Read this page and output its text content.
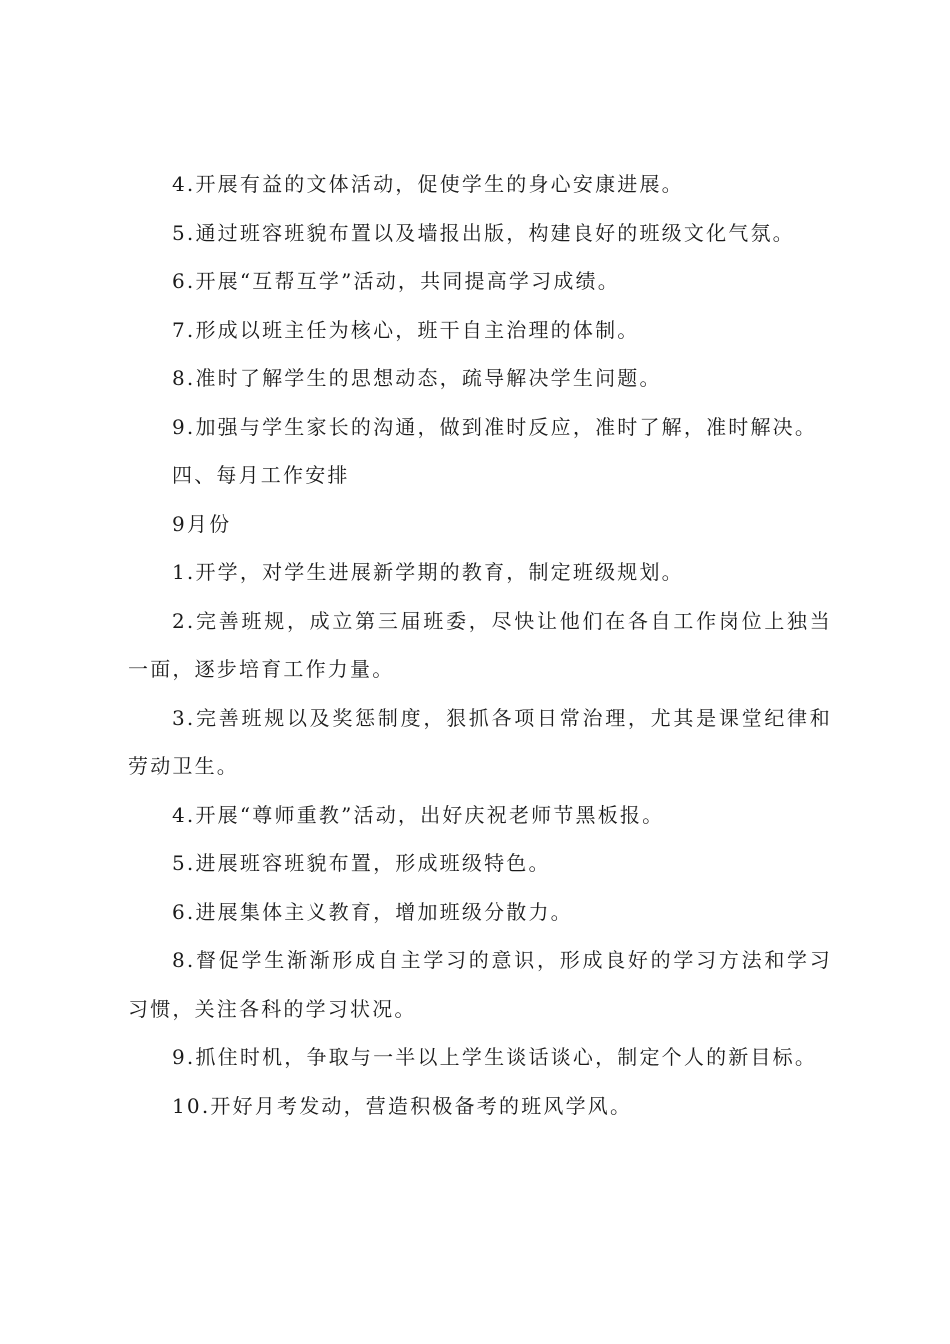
4.开展有益的文体活动，促使学生的身心安康进展。

5.通过班容班貌布置以及墙报出版，构建良好的班级文化气氛。

6.开展“互帮互学”活动，共同提高学习成绩。

7.形成以班主任为核心，班干自主治理的体制。

8.准时了解学生的思想动态，疏导解决学生问题。

9.加强与学生家长的沟通，做到准时反应，准时了解，准时解决。

四、每月工作安排

9月份

1.开学，对学生进展新学期的教育，制定班级规划。

2.完善班规，成立第三届班委，尽快让他们在各自工作岗位上独当一面，逐步培育工作力量。

3.完善班规以及奖惩制度，狠抓各项日常治理，尤其是课堂纪律和劳动卫生。

4.开展“尊师重教”活动，出好庆祝老师节黑板报。

5.进展班容班貌布置，形成班级特色。

6.进展集体主义教育，增加班级分散力。

8.督促学生渐渐形成自主学习的意识，形成良好的学习方法和学习习惯，关注各科的学习状况。

9.抓住时机，争取与一半以上学生谈话谈心，制定个人的新目标。

10.开好月考发动，营造积极备考的班风学风。
